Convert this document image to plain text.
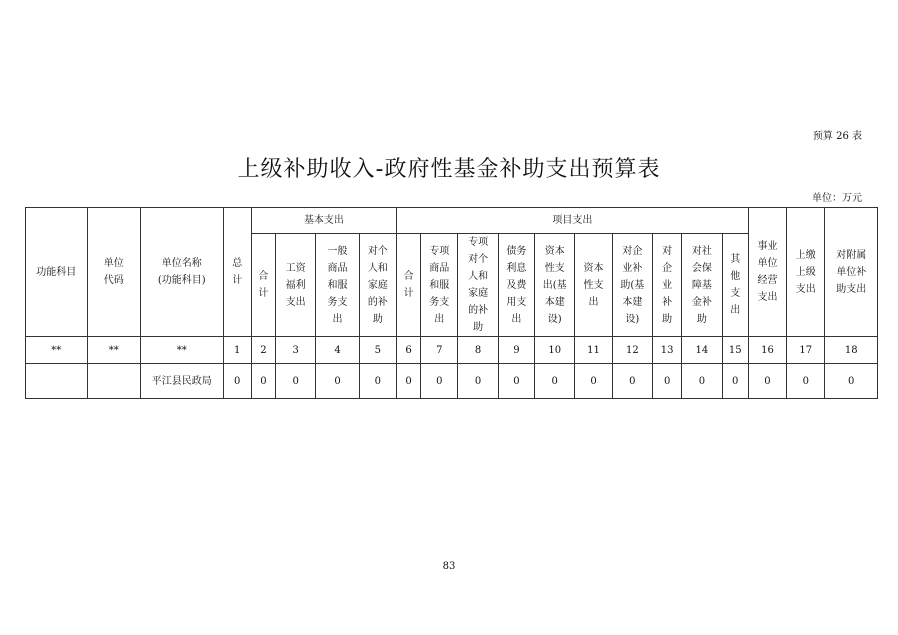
预算 26 表
上级补助收入-政府性基金补助支出预算表
单位：万元
功能科目	单位代码	单位名称(功能科目)	总计	基本支出				项目支出										事业单位经营支出	上缴上级支出	对附属单位补助支出
				合计	工资福利支出	一般商品和服务支出	对个人和家庭的补助	合计	专项商品和服务支出	专项对个人和家庭的补助	债务利息及费用支出	资本性支出(基本建设)	资本性支出	对企业补助(基本建设)	对企业补助	对社会保障基金补助	其他支出			
**	**	**	1	2	3	4	5	6	7	8	9	10	11	12	13	14	15	16	17	18
		平江县民政局	0	0	0	0	0	0	0	0	0	0	0	0	0	0	0	0	0	0
83
